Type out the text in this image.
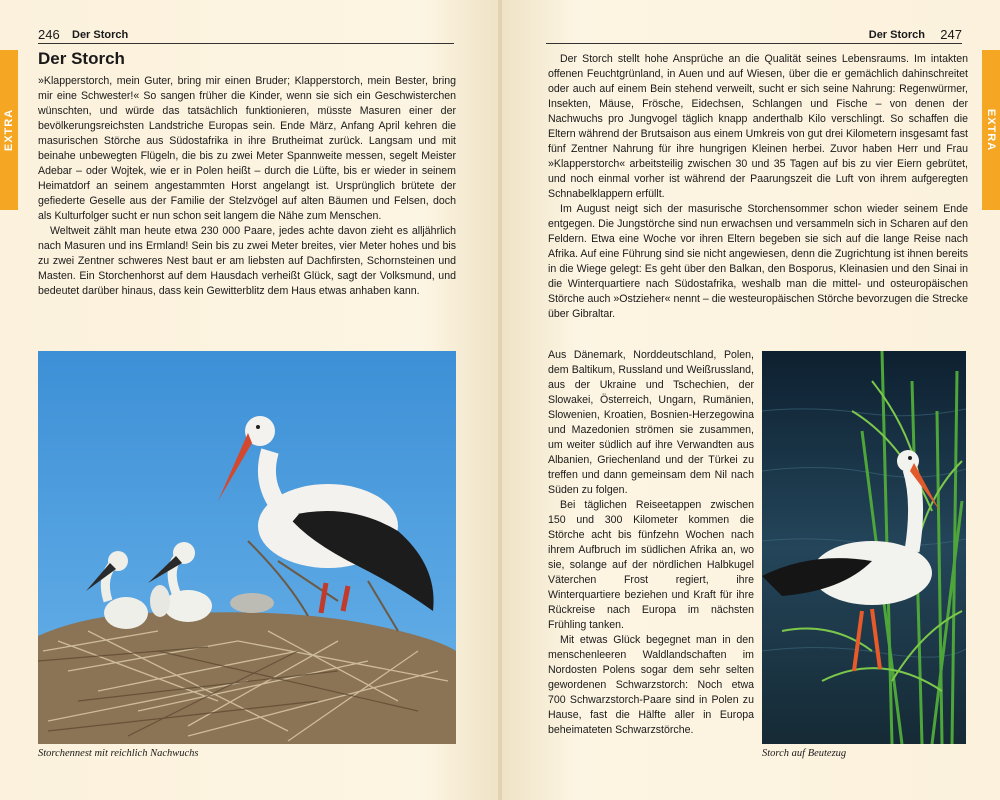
246 Der Storch
EXTRA
Der Storch

»Klapperstorch, mein Guter, bring mir einen Bruder; Klapperstorch, mein Bester, bring mir eine Schwester!« So sangen früher die Kinder, wenn sie sich ein Geschwisterchen wünschten, und würde das tatsächlich funktionieren, müsste Masuren einer der bevölkerungsreichsten Landstriche Europas sein. Ende März, Anfang April kehren die masurischen Störche aus Südostafrika in ihre Brutheimat zurück. Langsam und mit beinahe unbewegten Flügeln, die bis zu zwei Meter Spannweite messen, segelt Meister Adebar – oder Wojtek, wie er in Polen heißt – durch die Lüfte, bis er wieder in seinem Heimatdorf an seinem angestammten Horst angelangt ist. Ursprünglich brütete der gefiederte Geselle aus der Familie der Stelzvögel auf alten Bäumen und Felsen, doch als Kulturfolger sucht er nun schon seit langem die Nähe zum Menschen.

Weltweit zählt man heute etwa 230 000 Paare, jedes achte davon zieht es alljährlich nach Masuren und ins Ermland! Sein bis zu zwei Meter breites, vier Meter hohes und bis zu zwei Zentner schweres Nest baut er am liebsten auf Dachfirsten, Schornsteinen und Masten. Ein Storchenhorst auf dem Hausdach verheißt Glück, sagt der Volksmund, und bedeutet darüber hinaus, dass kein Gewitterblitz dem Haus etwas anhaben kann.

Storchennest mit reichlich Nachwuchs
Der Storch 247
EXTRA

Der Storch stellt hohe Ansprüche an die Qualität seines Lebensraums. Im intakten offenen Feuchtgrünland, in Auen und auf Wiesen, über die er gemächlich dahinschreitet oder auch auf einem Bein stehend verweilt, sucht er sich seine Nahrung: Regenwürmer, Insekten, Mäuse, Frösche, Eidechsen, Schlangen und Fische – von denen der Nachwuchs pro Jungvogel täglich knapp anderthalb Kilo verschlingt. So schaffen die Eltern während der Brutsaison aus einem Umkreis von gut drei Kilometern insgesamt fast fünf Zentner Nahrung für ihre hungrigen Kleinen herbei. Zuvor haben Herr und Frau »Klapperstorch« arbeitsteilig zwischen 30 und 35 Tagen auf bis zu vier Eiern gebrütet, und noch einmal vorher ist während der Paarungszeit die Luft von ihrem aufgeregten Schnabelklappern erfüllt.

Im August neigt sich der masurische Storchensommer schon wieder seinem Ende entgegen. Die Jungstörche sind nun erwachsen und versammeln sich in Scharen auf den Feldern. Etwa eine Woche vor ihren Eltern begeben sie sich auf die lange Reise nach Afrika. Auf eine Führung sind sie nicht angewiesen, denn die Zugrichtung ist ihnen bereits in die Wiege gelegt: Es geht über den Balkan, den Bosporus, Kleinasien und den Sinai in die Winterquartiere nach Südostafrika, weshalb man die mittel- und osteuropäischen Störche auch »Ostzieher« nennt – die westeuropäischen Störche bevorzugen die Strecke über Gibraltar.

Aus Dänemark, Norddeutschland, Polen, dem Baltikum, Russland und Weißrussland, aus der Ukraine und Tschechien, der Slowakei, Österreich, Ungarn, Rumänien, Slowenien, Kroatien, Bosnien-Herzegowina und Mazedonien strömen sie zusammen, um weiter südlich auf ihre Verwandten aus Albanien, Griechenland und der Türkei zu treffen und dann gemeinsam dem Nil nach Süden zu folgen.

Bei täglichen Reiseetappen zwischen 150 und 300 Kilometer kommen die Störche acht bis fünfzehn Wochen nach ihrem Aufbruch im südlichen Afrika an, wo sie, solange auf der nördlichen Halbkugel Väterchen Frost regiert, ihre Winterquartiere beziehen und Kraft für ihre Rückreise nach Europa im nächsten Frühling tanken.

Mit etwas Glück begegnet man in den menschenleeren Waldlandschaften im Nordosten Polens sogar dem sehr selten gewordenen Schwarzstorch: Noch etwa 700 Schwarzstorch-Paare sind in Polen zu Hause, fast die Hälfte aller in Europa beheimateten Schwarzstörche.

Storch auf Beutezug
